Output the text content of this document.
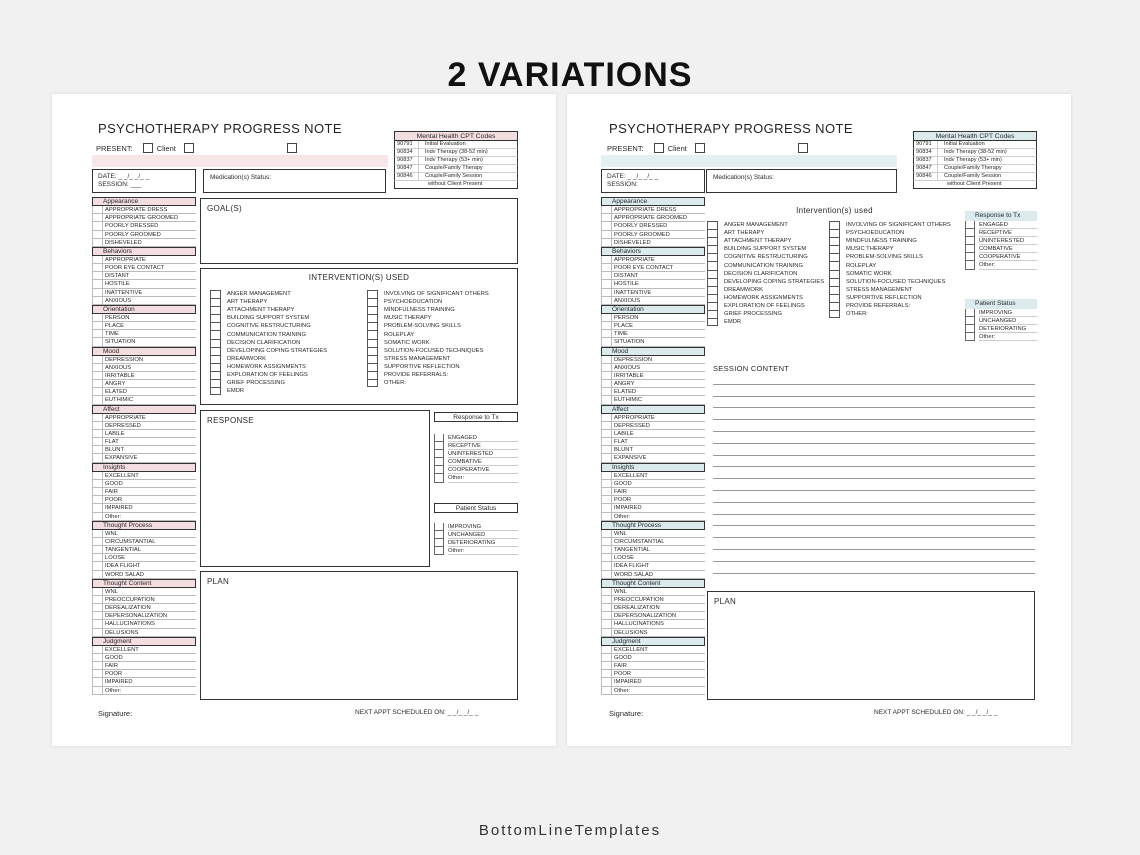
2 VARIATIONS
PSYCHOTHERAPY PROGRESS NOTE
PRESENT:	Client
Mental Health CPT Codes
90791	Initial Evaluation
90834	Indv Therapy (38-52 min)
90837	Indv Therapy (53+ min)
90847	Couple/Family Therapy
90846	Couple/Family Session
without Client Present
DATE: _ _/_ _/_ _
SESSION: ___
Medication(s) Status:
Appearance
APPROPRIATE DRESS
APPROPRIATE GROOMED
POORLY DRESSED
POORLY GROOMED
DISHEVELED
Behaviors
APPROPRIATE
POOR EYE CONTACT
DISTANT
HOSTILE
INATTENTIVE
ANXIOUS
Orientation
PERSON
PLACE
TIME
SITUATION
Mood
DEPRESSION
ANXIOUS
IRRITABLE
ANGRY
ELATED
EUTHIMIC
Affect
APPROPRIATE
DEPRESSED
LABILE
FLAT
BLUNT
EXPANSIVE
Insights
EXCELLENT
GOOD
FAIR
POOR
IMPAIRED
Other:
Thought Process
WNL
CIRCUMSTANTIAL
TANGENTIAL
LOOSE
IDEA FLIGHT
WORD SALAD
Thought Content
WNL
PREOCCUPATION
DEREALIZATION
DEPERSONALIZATION
HALLUCINATIONS
DELUSIONS
Judgment
EXCELLENT
GOOD
FAIR
POOR
IMPAIRED
Other:
GOAL(S)
INTERVENTION(S) USED
ANGER MANAGEMENT
ART THERAPY
ATTACHMENT THERAPY
BUILDING SUPPORT SYSTEM
COGNITIVE RESTRUCTURING
COMMUNICATION TRAINING
DECISION CLARIFICATION
DEVELOPING COPING STRATEGIES
DREAMWORK
HOMEWORK ASSIGNMENTS
EXPLORATION OF FEELINGS
GRIEF PROCESSING
EMDR
INVOLVING OF SIGNIFICANT OTHERS
PSYCHOEDUCATION
MINDFULNESS TRAINING
MUSIC THERAPY
PROBLEM-SOLVING SKILLS
ROLEPLAY
SOMATIC WORK
SOLUTION-FOCUSED TECHNIQUES
STRESS MANAGEMENT
SUPPORTIVE REFLECTION
PROVIDE REFERRALS:
OTHER:
RESPONSE	Response to Tx
ENGAGED
RECEPTIVE
UNINTERESTED
COMBATIVE
COOPERATIVE
Other:
Patient Status
IMPROVING
UNCHANGED
DETERIORATING
Other:
PLAN
Signature:	NEXT APPT SCHEDULED ON: _ _/_ _/_ _
PSYCHOTHERAPY PROGRESS NOTE
PRESENT:	Client
Mental Health CPT Codes
90791	Initial Evaluation
90834	Indv Therapy (38-52 min)
90837	Indv Therapy (53+ min)
90847	Couple/Family Therapy
90846	Couple/Family Session
without Client Present
DATE: _ _/_ _/_ _
SESSION:
Medication(s) Status:
Appearance
APPROPRIATE DRESS
APPROPRIATE GROOMED
POORLY DRESSED
POORLY GROOMED
DISHEVELED
Behaviors
APPROPRIATE
POOR EYE CONTACT
DISTANT
HOSTILE
INATTENTIVE
ANXIOUS
Orientation
PERSON
PLACE
TIME
SITUATION
Mood
DEPRESSION
ANXIOUS
IRRITABLE
ANGRY
ELATED
EUTHIMIC
Affect
APPROPRIATE
DEPRESSED
LABILE
FLAT
BLUNT
EXPANSIVE
Insights
EXCELLENT
GOOD
FAIR
POOR
IMPAIRED
Other:
Thought Process
WNL
CIRCUMSTANTIAL
TANGENTIAL
LOOSE
IDEA FLIGHT
WORD SALAD
Thought Content
WNL
PREOCCUPATION
DEREALIZATION
DEPERSONALIZATION
HALLUCINATIONS
DELUSIONS
Judgment
EXCELLENT
GOOD
FAIR
POOR
IMPAIRED
Other:
Intervention(s) used
ANGER MANAGEMENT
ART THERAPY
ATTACHMENT THERAPY
BUILDING SUPPORT SYSTEM
COGNITIVE RESTRUCTURING
COMMUNICATION TRAINING
DECISION CLARIFICATION
DEVELOPING COPING STRATEGIES
DREAMWORK
HOMEWORK ASSIGNMENTS
EXPLORATION OF FEELINGS
GRIEF PROCESSING
EMDR
INVOLVING OF SIGNIFICANT OTHERS
PSYCHOEDUCATION
MINDFULNESS TRAINING
MUSIC THERAPY
PROBLEM-SOLVING SKILLS
ROLEPLAY
SOMATIC WORK
SOLUTION-FOCUSED TECHNIQUES
STRESS MANAGEMENT
SUPPORTIVE REFLECTION
PROVIDE REFERRALS:
OTHER:
Response to Tx
ENGAGED
RECEPTIVE
UNINTERESTED
COMBATIVE
COOPERATIVE
Other:
Patient Status
IMPROVING
UNCHANGED
DETERIORATING
Other:
SESSION CONTENT
PLAN
Signature:	NEXT APPT SCHEDULED ON: _ _/_ _/_ _
BottomLineTemplates
